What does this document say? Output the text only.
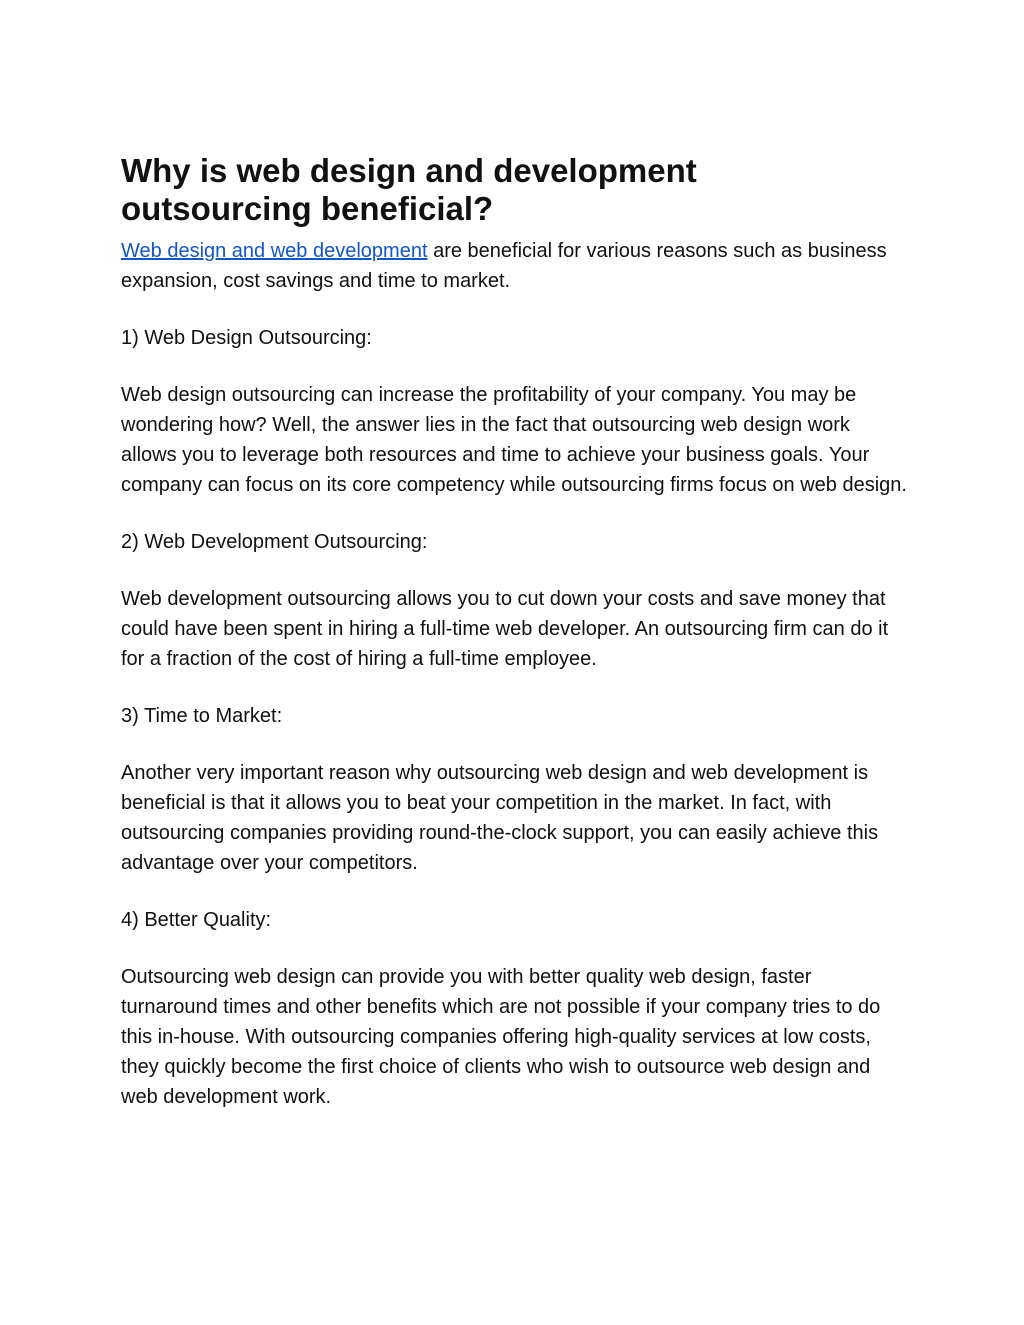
Why is web design and development outsourcing beneficial?

Web design and web development are beneficial for various reasons such as business expansion, cost savings and time to market.

1) Web Design Outsourcing:

Web design outsourcing can increase the profitability of your company. You may be wondering how? Well, the answer lies in the fact that outsourcing web design work allows you to leverage both resources and time to achieve your business goals. Your company can focus on its core competency while outsourcing firms focus on web design.

2) Web Development Outsourcing:

Web development outsourcing allows you to cut down your costs and save money that could have been spent in hiring a full-time web developer. An outsourcing firm can do it for a fraction of the cost of hiring a full-time employee.

3) Time to Market:

Another very important reason why outsourcing web design and web development is beneficial is that it allows you to beat your competition in the market. In fact, with outsourcing companies providing round-the-clock support, you can easily achieve this advantage over your competitors.

4) Better Quality:

Outsourcing web design can provide you with better quality web design, faster turnaround times and other benefits which are not possible if your company tries to do this in-house. With outsourcing companies offering high-quality services at low costs, they quickly become the first choice of clients who wish to outsource web design and web development work.
